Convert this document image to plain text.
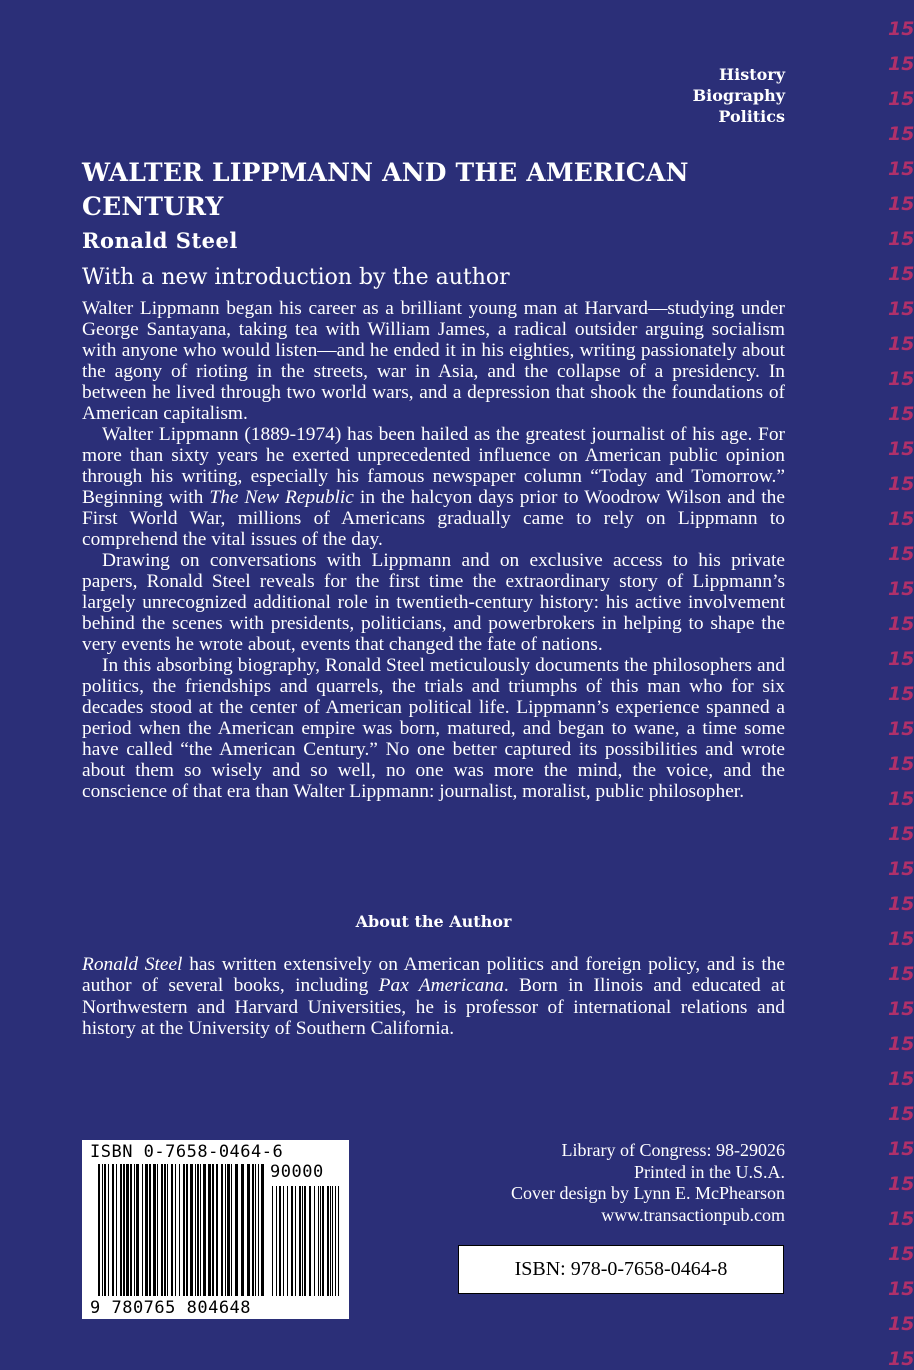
15
15
15
15
15
15
15
15
15
15
15
15
15
15
15
15
15
15
15
15
15
15
15
15
15
15
15
15
15
15
15
15
15
15
15
15
15
15
15
History
Biography
Politics
WALTER LIPPMANN AND THE AMERICAN CENTURY
Ronald Steel
With a new introduction by the author

Walter Lippmann began his career as a brilliant young man at Harvard—studying under George Santayana, taking tea with William James, a radical outsider arguing socialism with anyone who would listen—and he ended it in his eighties, writing passionately about the agony of rioting in the streets, war in Asia, and the collapse of a presidency. In between he lived through two world wars, and a depression that shook the foundations of American capitalism.

Walter Lippmann (1889-1974) has been hailed as the greatest journalist of his age. For more than sixty years he exerted unprecedented influence on American public opinion through his writing, especially his famous newspaper column “Today and Tomorrow.” Beginning with The New Republic in the halcyon days prior to Woodrow Wilson and the First World War, millions of Americans gradually came to rely on Lippmann to comprehend the vital issues of the day.

Drawing on conversations with Lippmann and on exclusive access to his private papers, Ronald Steel reveals for the first time the extraordinary story of Lippmann’s largely unrecognized additional role in twentieth-century history: his active involvement behind the scenes with presidents, politicians, and powerbrokers in helping to shape the very events he wrote about, events that changed the fate of nations.

In this absorbing biography, Ronald Steel meticulously documents the philosophers and politics, the friendships and quarrels, the trials and triumphs of this man who for six decades stood at the center of American political life. Lippmann’s experience spanned a period when the American empire was born, matured, and began to wane, a time some have called “the American Century.” No one better captured its possibilities and wrote about them so wisely and so well, no one was more the mind, the voice, and the conscience of that era than Walter Lippmann: journalist, moralist, public philosopher.

About the Author

Ronald Steel has written extensively on American politics and foreign policy, and is the author of several books, including Pax Americana. Born in Ilinois and educated at Northwestern and Harvard Universities, he is professor of international relations and history at the University of Southern California.

ISBN 0-7658-0464-6
90000
9 780765 804648
Library of Congress: 98-29026
Printed in the U.S.A.
Cover design by Lynn E. McPhearson
www.transactionpub.com
ISBN: 978-0-7658-0464-8
